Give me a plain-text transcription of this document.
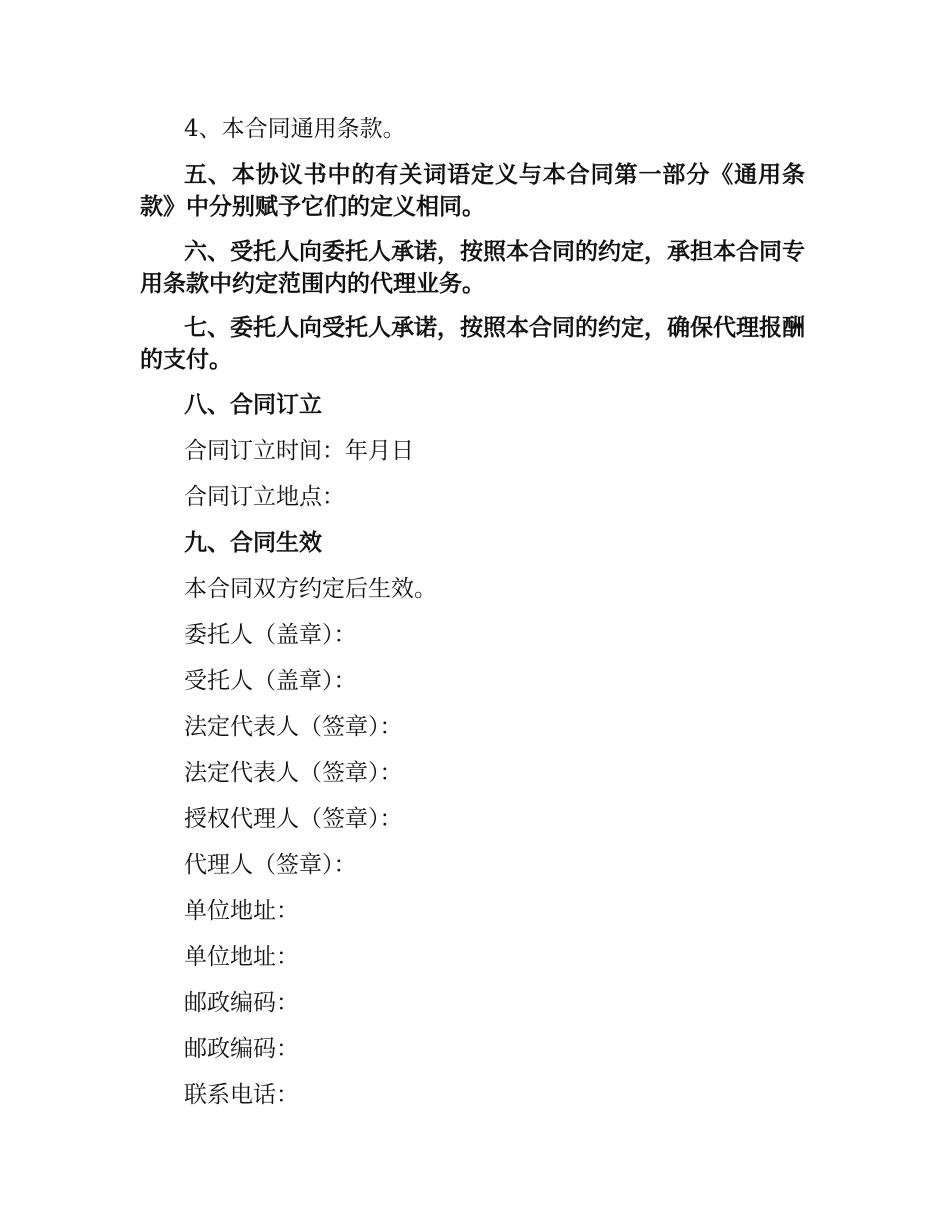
4、本合同通用条款。
五、本协议书中的有关词语定义与本合同第一部分《通用条款》中分别赋予它们的定义相同。
六、受托人向委托人承诺，按照本合同的约定，承担本合同专用条款中约定范围内的代理业务。
七、委托人向受托人承诺，按照本合同的约定，确保代理报酬的支付。
八、合同订立
合同订立时间：年月日
合同订立地点：
九、合同生效
本合同双方约定后生效。
委托人（盖章）：
受托人（盖章）：
法定代表人（签章）：
法定代表人（签章）：
授权代理人（签章）：
代理人（签章）：
单位地址：
单位地址：
邮政编码：
邮政编码：
联系电话：
